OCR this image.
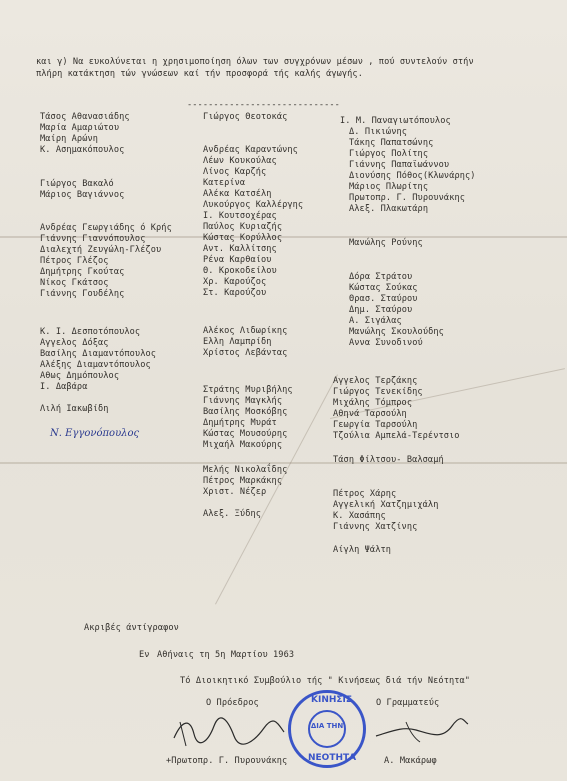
και γ) Να ευκολύνεται η χρησιμοποίηση όλων των συγχρόνων μέσων , πού συντελούν στήν
πλήρη κατάκτηση τών γνώσεων καί τήν προσφορά τής καλής άγωγής.
-----------------------------
Τάσος Αθανασιάδης
Μαρία Αμαριώτου
Μαίρη Αρώνη
Κ. Ασημακόπουλος
Γιώργος Βακαλό
Μάριος Βαγιάννος
Ανδρέας Γεωργιάδης ό Κρής
Γιάννης Γιαννόπουλος
Διαλεχτή Ζευγώλη-Γλέζου
Πέτρος Γλέζος
Δημήτρης Γκούτας
Νίκος Γκάτσος
Γιάννης Γουδέλης
Κ. Ι. Δεσποτόπουλος
Αγγελος Δόξας
Βασίλης Διαμαντόπουλος
Αλέξης Διαμαντόπουλος
Αθως Δημόπουλος
Ι. Δαβάρα
Λιλή Ιακωβίδη
Ν. Εγγονόπουλος
Γιώργος Θεοτοκάς
Ανδρέας Καραντώνης
Λέων Κουκούλας
Λίνος Καρζής
Κατερίνα
Αλέκα Κατσέλη
Λυκούργος Καλλέργης
Ι. Κουτσοχέρας
Παύλος Κυριαζής
Κώστας Κορύλλος
Αντ. Καλλίτσης
Ρένα Καρθαίου
Θ. Κροκοδείλου
Χρ. Καρούζος
Στ. Καρούζου
Αλέκος Λιδωρίκης
Ελλη Λαμπρίδη
Χρίστος Λεβάντας
Στράτης Μυριβήλης
Γιάννης Μαγκλής
Βασίλης Μοσκόβης
Δημήτρης Μυράτ
Κώστας Μουσούρης
Μιχαήλ Μακούρης
Μελής Νικολαΐδης
Πέτρος Μαρκάκης
Χριστ. Νέζερ
Αλεξ. Ξύδης
Ι. Μ. Παναγιωτόπουλος
Δ. Πικιώνης
Τάκης Παπατσώνης
Γιώργος Πολίτης
Γιάννης Παπαϊωάννου
Διονύσης Πόθος(Κλωνάρης)
Μάριος Πλωρίτης
Πρωτοπρ. Γ. Πυρουνάκης
Αλεξ. Πλακωτάρη
Μανώλης Ρούνης
Δόρα Στράτου
Κώστας Σούκας
Θρασ. Σταύρου
Δημ. Σταύρου
Α. Σιγάλας
Μανώλης Σκουλούδης
Αννα Συνοδινού
Αγγελος Τερζάκης
Γιώργος Τενεκίδης
Μιχάλης Τόμπρος
Αθηνά Ταρσούλη
Γεωργία Ταρσούλη
Τζούλια Αμπελά-Τερέντσιο
Τάση Φίλτσου- Βαλσαμή
Πέτρος Χάρης
Αγγελική Χατζημιχάλη
Κ. Χασάπης
Γιάννης Χατζίνης
Αίγλη Ψάλτη
Ακριβές άντίγραφον
Εν Αθήναις τη 5η Μαρτίου 1963
Τό Διοικητικό Συμβούλιο τής " Κινήσεως διά τήν Νεότητα"
Ο Πρόεδρος	Ο Γραμματεύς
+Πρωτοπρ. Γ. Πυρουνάκης	Α. Μακάρωφ
ΚΙΝΗΣΙΣ
ΔΙΑ ΤΗΝ
ΝΕΟΤΗΤΑ
